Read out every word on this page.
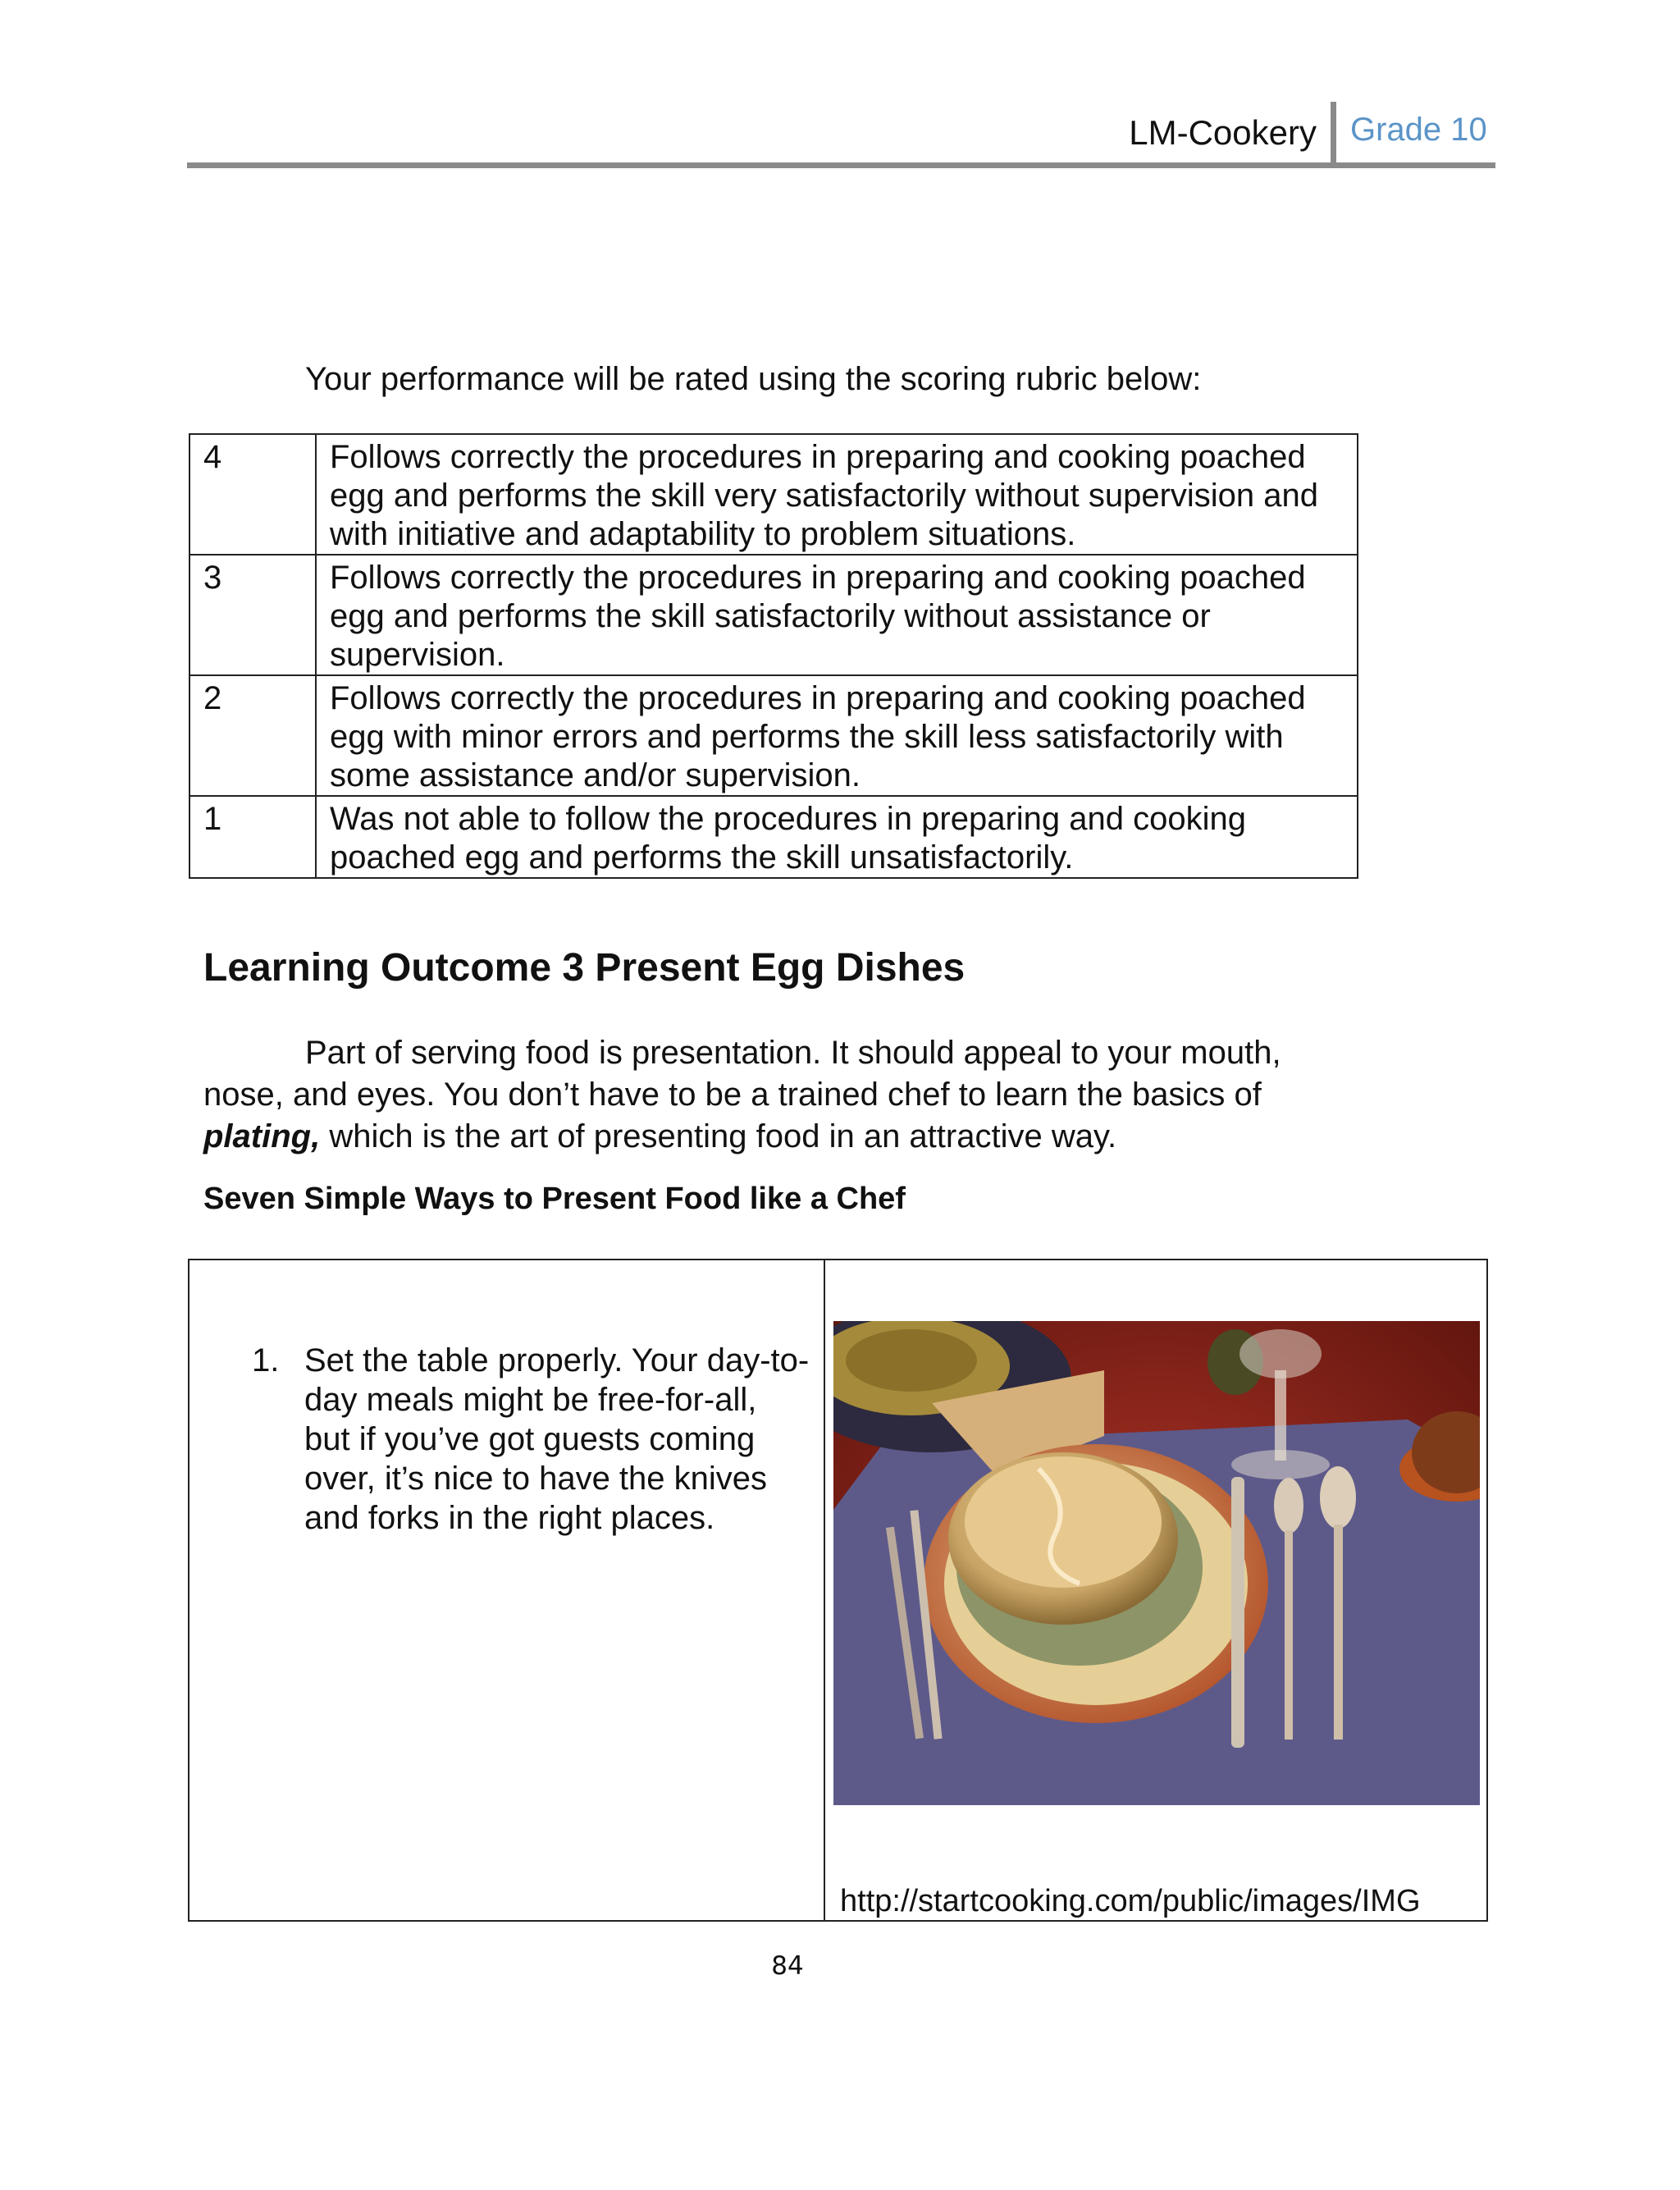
LM-Cookery Grade 10
Your performance will be rated using the scoring rubric below:
4	Follows correctly the procedures in preparing and cooking poached egg and performs the skill very satisfactorily without supervision and with initiative and adaptability to problem situations.
3	Follows correctly the procedures in preparing and cooking poached egg and performs the skill satisfactorily without assistance or supervision.
2	Follows correctly the procedures in preparing and cooking poached egg with minor errors and performs the skill less satisfactorily with some assistance and/or supervision.
1	Was not able to follow the procedures in preparing and cooking poached egg and performs the skill unsatisfactorily.
Learning Outcome 3 Present Egg Dishes
Part of serving food is presentation. It should appeal to your mouth, nose, and eyes. You don’t have to be a trained chef to learn the basics of plating, which is the art of presenting food in an attractive way.
Seven Simple Ways to Present Food like a Chef
1. Set the table properly. Your day-to-day meals might be free-for-all, but if you’ve got guests coming over, it’s nice to have the knives and forks in the right places.
http://startcooking.com/public/images/IMG
84
